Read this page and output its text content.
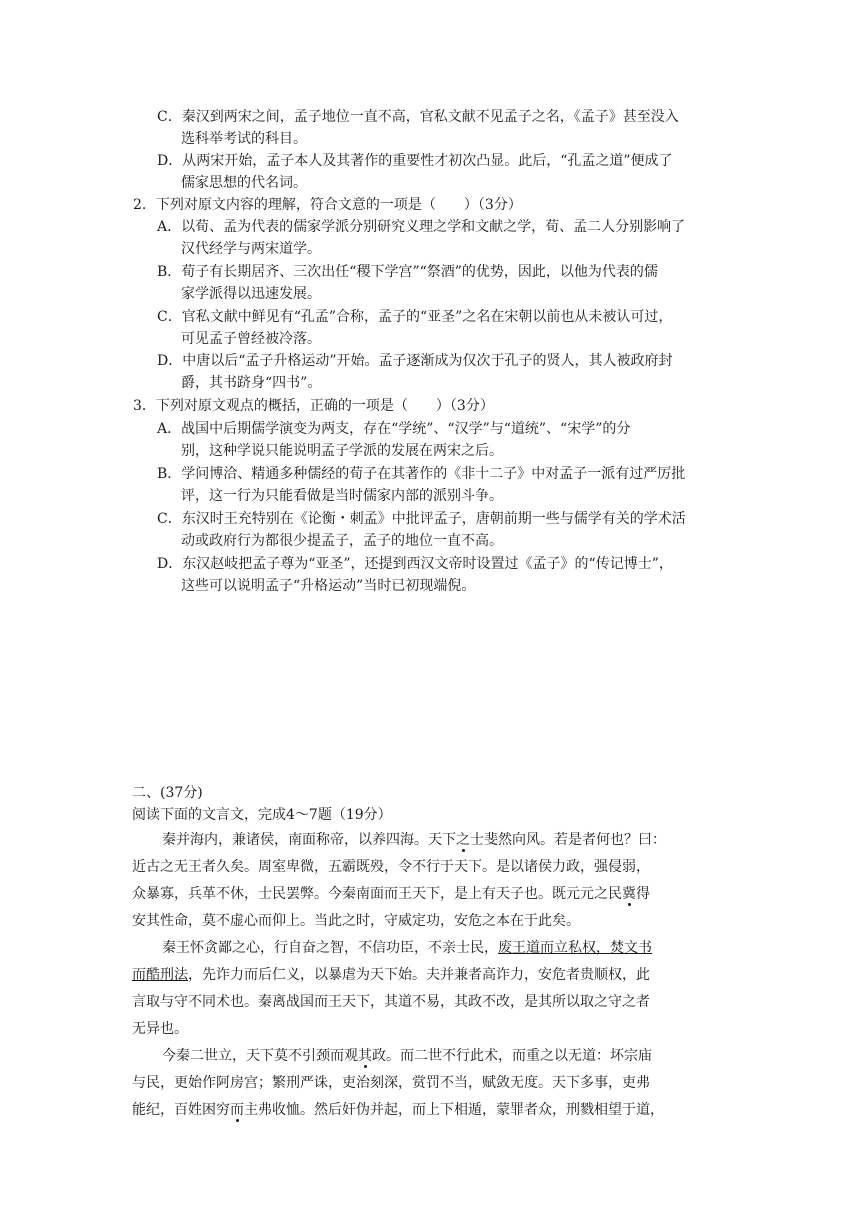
C．秦汉到两宋之间，孟子地位一直不高，官私文献不见孟子之名，《孟子》甚至没入
选科举考试的科目。
D．从两宋开始，孟子本人及其著作的重要性才初次凸显。此后，“孔孟之道”便成了
儒家思想的代名词。
2．下列对原文内容的理解，符合文意的一项是（　　）（3分）
A．以荀、孟为代表的儒家学派分别研究义理之学和文献之学，荀、孟二人分别影响了
汉代经学与两宋道学。
B．荀子有长期居齐、三次出任“稷下学宫”“祭酒”的优势，因此，以他为代表的儒
家学派得以迅速发展。
C．官私文献中鲜见有“孔孟”合称，孟子的“亚圣”之名在宋朝以前也从未被认可过，
可见孟子曾经被冷落。
D．中唐以后“孟子升格运动”开始。孟子逐渐成为仅次于孔子的贤人，其人被政府封
爵，其书跻身“四书”。
3．下列对原文观点的概括，正确的一项是（　　）（3分）
A．战国中后期儒学演变为两支，存在“学统”、“汉学”与“道统”、“宋学”的分
别，这种学说只能说明孟子学派的发展在两宋之后。
B．学问博洽、精通多种儒经的荀子在其著作的《非十二子》中对孟子一派有过严厉批
评，这一行为只能看做是当时儒家内部的派别斗争。
C．东汉时王充特别在《论衡・刺孟》中批评孟子，唐朝前期一些与儒学有关的学术活
动或政府行为都很少提孟子，孟子的地位一直不高。
D．东汉赵岐把孟子尊为“亚圣”，还提到西汉文帝时设置过《孟子》的“传记博士”，
这些可以说明孟子“升格运动”当时已初现端倪。
二、(37分)
阅读下面的文言文，完成4～7题（19分）
秦并海内，兼诸侯，南面称帝，以养四海。天下之士斐然向风。若是者何也？曰：
近古之无王者久矣。周室卑微，五霸既殁，令不行于天下。是以诸侯力政，强侵弱，
众暴寡，兵革不休，士民罢弊。今秦南面而王天下，是上有天子也。既元元之民冀得
安其性命，莫不虚心而仰上。当此之时，守威定功，安危之本在于此矣。
秦王怀贪鄙之心，行自奋之智，不信功臣，不亲士民，废王道而立私权，焚文书
而酷刑法，先诈力而后仁义，以暴虐为天下始。夫并兼者高诈力，安危者贵顺权，此
言取与守不同术也。秦离战国而王天下，其道不易，其政不改，是其所以取之守之者
无异也。
今秦二世立，天下莫不引颈而观其政。而二世不行此术，而重之以无道：坏宗庙
与民，更始作阿房宫；繁刑严诛，吏治刻深，赏罚不当，赋敛无度。天下多事，吏弗
能纪，百姓困穷而主弗收恤。然后奸伪并起，而上下相遁，蒙罪者众，刑戮相望于道，
